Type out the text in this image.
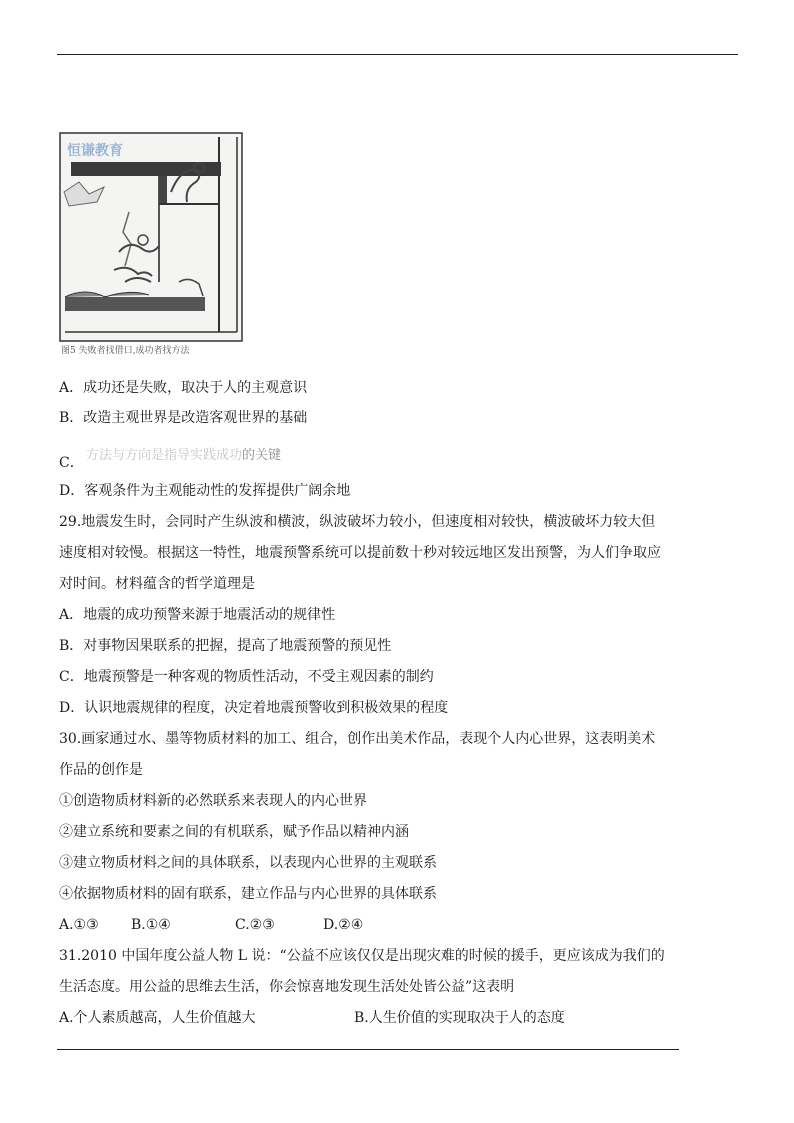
恒谦教育
图5 失败者找借口,成功者找方法
A．成功还是失败，取决于人的主观意识
B．改造主观世界是改造客观世界的基础
方法与方向是指导实践成功的关键
C．
D．客观条件为主观能动性的发挥提供广阔余地
29.地震发生时，会同时产生纵波和横波，纵波破坏力较小，但速度相对较快，横波破坏力较大但
速度相对较慢。根据这一特性，地震预警系统可以提前数十秒对较远地区发出预警，为人们争取应
对时间。材料蕴含的哲学道理是
A．地震的成功预警来源于地震活动的规律性
B．对事物因果联系的把握，提高了地震预警的预见性
C．地震预警是一种客观的物质性活动，不受主观因素的制约
D．认识地震规律的程度，决定着地震预警收到积极效果的程度
30.画家通过水、墨等物质材料的加工、组合，创作出美术作品，表现个人内心世界，这表明美术
作品的创作是
①创造物质材料新的必然联系来表现人的内心世界
②建立系统和要素之间的有机联系，赋予作品以精神内涵
③建立物质材料之间的具体联系，以表现内心世界的主观联系
④依据物质材料的固有联系，建立作品与内心世界的具体联系
A.①③ B.①④	C.②③	D.②④
31.2010 中国年度公益人物 L 说：“公益不应该仅仅是出现灾难的时候的援手，更应该成为我们的
生活态度。用公益的思维去生活，你会惊喜地发现生活处处皆公益”这表明
A.个人素质越高，人生价值越大	B.人生价值的实现取决于人的态度
